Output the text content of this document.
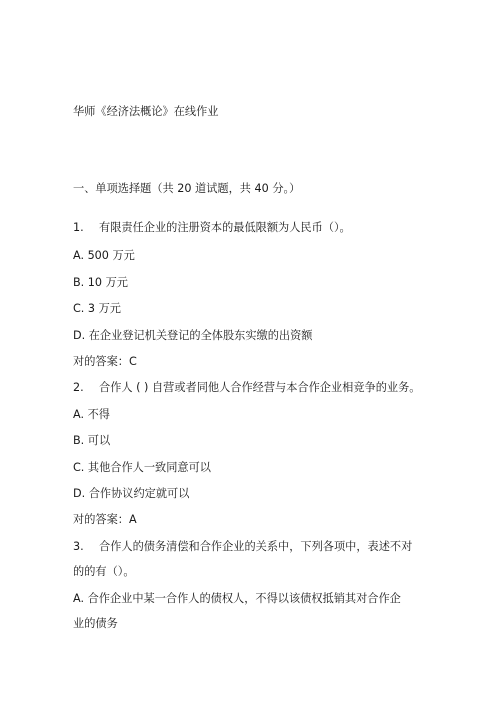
华师《经济法概论》在线作业
一、单项选择题（共 20 道试题，共 40 分。）
1. 有限责任企业的注册资本的最低限额为人民币（）。
A. 500 万元
B. 10 万元
C. 3 万元
D. 在企业登记机关登记的全体股东实缴的出资额
对的答案：C
2. 合作人 ( ) 自营或者同他人合作经营与本合作企业相竞争的业务。
A. 不得
B. 可以
C. 其他合作人一致同意可以
D. 合作协议约定就可以
对的答案：A
3. 合作人的债务清偿和合作企业的关系中，下列各项中，表述不对
的的有（）。
A. 合作企业中某一合作人的债权人，不得以该债权抵销其对合作企
业的债务
